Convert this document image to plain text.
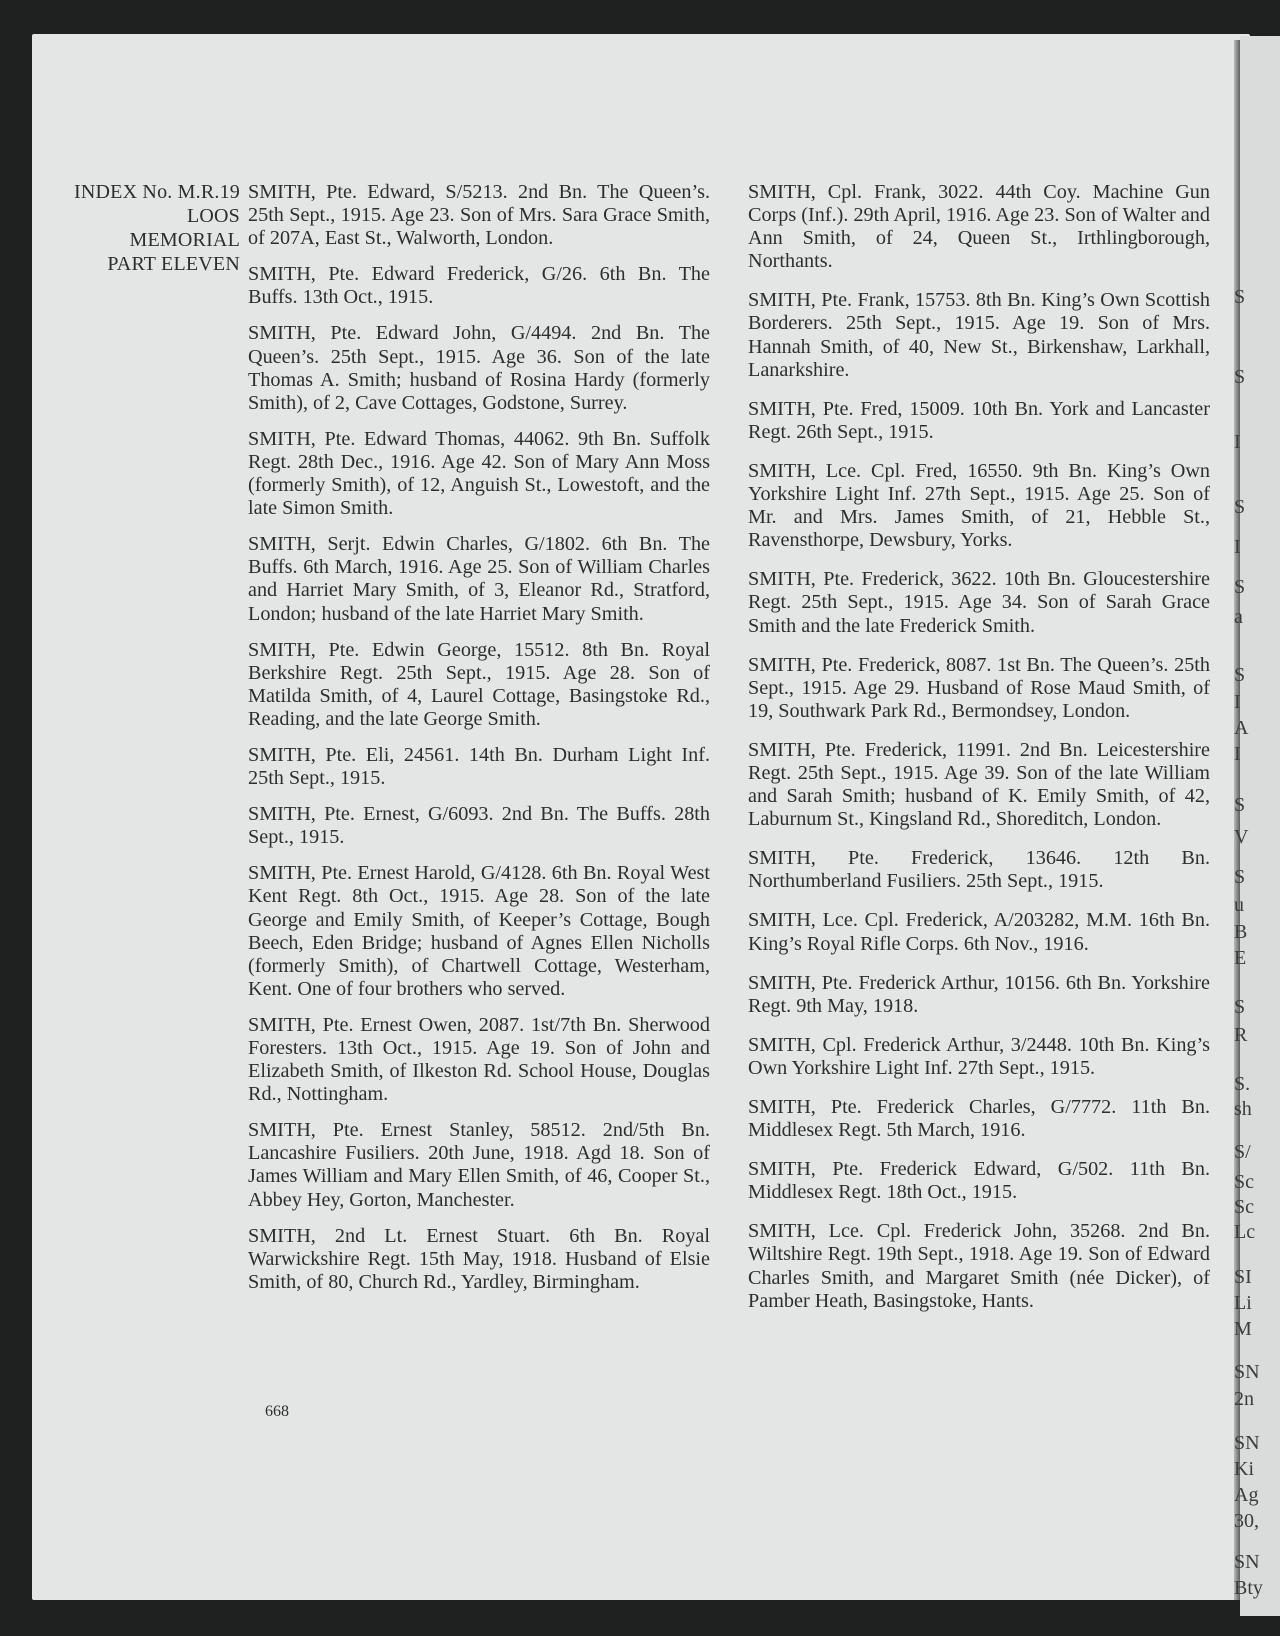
S
S
I
S
I
S
a
S
I
A
I
S
V
S
u
B
E
S
R
S.
sh
S/
Sc
Sc
Lc
SI
Li
M
SN
2n
SN
Ki
Ag
30,
SN
Bty
INDEX No. M.R.19
LOOS
MEMORIAL
PART ELEVEN

SMITH, Pte. Edward, S/5213. 2nd Bn. The Queen’s. 25th Sept., 1915. Age 23. Son of Mrs. Sara Grace Smith, of 207A, East St., Walworth, London.

SMITH, Pte. Edward Frederick, G/26. 6th Bn. The Buffs. 13th Oct., 1915.

SMITH, Pte. Edward John, G/4494. 2nd Bn. The Queen’s. 25th Sept., 1915. Age 36. Son of the late Thomas A. Smith; husband of Rosina Hardy (formerly Smith), of 2, Cave Cottages, Godstone, Surrey.

SMITH, Pte. Edward Thomas, 44062. 9th Bn. Suffolk Regt. 28th Dec., 1916. Age 42. Son of Mary Ann Moss (formerly Smith), of 12, Anguish St., Lowestoft, and the late Simon Smith.

SMITH, Serjt. Edwin Charles, G/1802. 6th Bn. The Buffs. 6th March, 1916. Age 25. Son of William Charles and Harriet Mary Smith, of 3, Eleanor Rd., Stratford, London; husband of the late Harriet Mary Smith.

SMITH, Pte. Edwin George, 15512. 8th Bn. Royal Berkshire Regt. 25th Sept., 1915. Age 28. Son of Matilda Smith, of 4, Laurel Cottage, Basingstoke Rd., Reading, and the late George Smith.

SMITH, Pte. Eli, 24561. 14th Bn. Durham Light Inf. 25th Sept., 1915.

SMITH, Pte. Ernest, G/6093. 2nd Bn. The Buffs. 28th Sept., 1915.

SMITH, Pte. Ernest Harold, G/4128. 6th Bn. Royal West Kent Regt. 8th Oct., 1915. Age 28. Son of the late George and Emily Smith, of Keeper’s Cottage, Bough Beech, Eden Bridge; husband of Agnes Ellen Nicholls (formerly Smith), of Chartwell Cottage, Westerham, Kent. One of four brothers who served.

SMITH, Pte. Ernest Owen, 2087. 1st/7th Bn. Sherwood Foresters. 13th Oct., 1915. Age 19. Son of John and Elizabeth Smith, of Ilkeston Rd. School House, Douglas Rd., Nottingham.

SMITH, Pte. Ernest Stanley, 58512. 2nd/5th Bn. Lancashire Fusiliers. 20th June, 1918. Agd 18. Son of James William and Mary Ellen Smith, of 46, Cooper St., Abbey Hey, Gorton, Manchester.

SMITH, 2nd Lt. Ernest Stuart. 6th Bn. Royal Warwickshire Regt. 15th May, 1918. Husband of Elsie Smith, of 80, Church Rd., Yardley, Birmingham.

SMITH, Cpl. Frank, 3022. 44th Coy. Machine Gun Corps (Inf.). 29th April, 1916. Age 23. Son of Walter and Ann Smith, of 24, Queen St., Irthlingborough, Northants.

SMITH, Pte. Frank, 15753. 8th Bn. King’s Own Scottish Borderers. 25th Sept., 1915. Age 19. Son of Mrs. Hannah Smith, of 40, New St., Birkenshaw, Larkhall, Lanarkshire.

SMITH, Pte. Fred, 15009. 10th Bn. York and Lancaster Regt. 26th Sept., 1915.

SMITH, Lce. Cpl. Fred, 16550. 9th Bn. King’s Own Yorkshire Light Inf. 27th Sept., 1915. Age 25. Son of Mr. and Mrs. James Smith, of 21, Hebble St., Ravensthorpe, Dewsbury, Yorks.

SMITH, Pte. Frederick, 3622. 10th Bn. Gloucestershire Regt. 25th Sept., 1915. Age 34. Son of Sarah Grace Smith and the late Frederick Smith.

SMITH, Pte. Frederick, 8087. 1st Bn. The Queen’s. 25th Sept., 1915. Age 29. Husband of Rose Maud Smith, of 19, Southwark Park Rd., Bermondsey, London.

SMITH, Pte. Frederick, 11991. 2nd Bn. Leicestershire Regt. 25th Sept., 1915. Age 39. Son of the late William and Sarah Smith; husband of K. Emily Smith, of 42, Laburnum St., Kingsland Rd., Shoreditch, London.

SMITH, Pte. Frederick, 13646. 12th Bn. Northumberland Fusiliers. 25th Sept., 1915.

SMITH, Lce. Cpl. Frederick, A/203282, M.M. 16th Bn. King’s Royal Rifle Corps. 6th Nov., 1916.

SMITH, Pte. Frederick Arthur, 10156. 6th Bn. Yorkshire Regt. 9th May, 1918.

SMITH, Cpl. Frederick Arthur, 3/2448. 10th Bn. King’s Own Yorkshire Light Inf. 27th Sept., 1915.

SMITH, Pte. Frederick Charles, G/7772. 11th Bn. Middlesex Regt. 5th March, 1916.

SMITH, Pte. Frederick Edward, G/502. 11th Bn. Middlesex Regt. 18th Oct., 1915.

SMITH, Lce. Cpl. Frederick John, 35268. 2nd Bn. Wiltshire Regt. 19th Sept., 1918. Age 19. Son of Edward Charles Smith, and Margaret Smith (née Dicker), of Pamber Heath, Basingstoke, Hants.

668
